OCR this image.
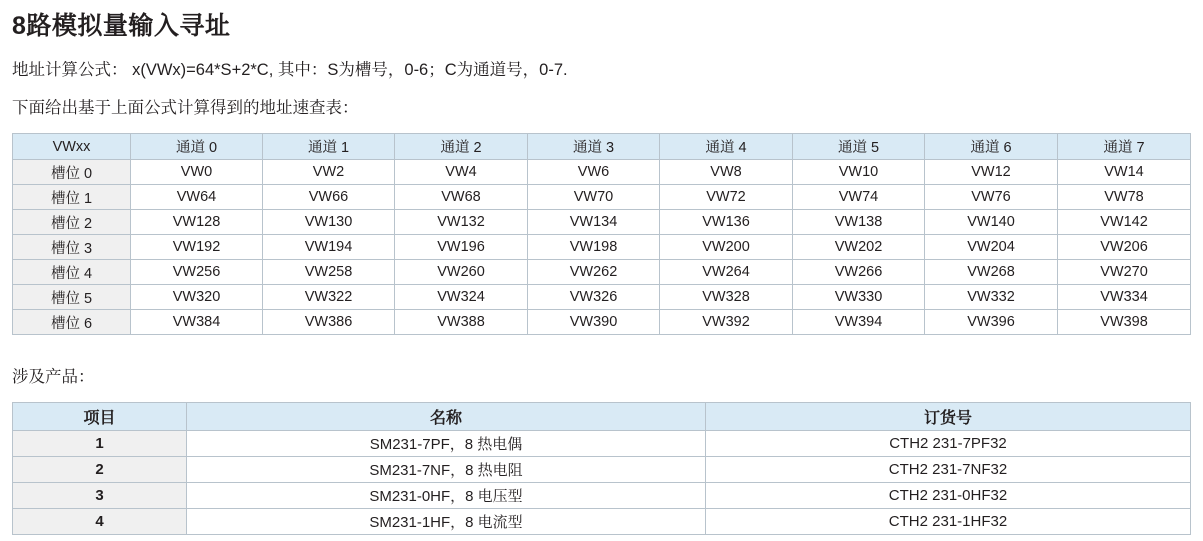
8路模拟量输入寻址
地址计算公式： x(VWx)=64*S+2*C, 其中：S为槽号，0-6；C为通道号，0-7.
下面给出基于上面公式计算得到的地址速查表：
VWxx	通道 0	通道 1	通道 2	通道 3	通道 4	通道 5	通道 6	通道 7
槽位 0	VW0	VW2	VW4	VW6	VW8	VW10	VW12	VW14
槽位 1	VW64	VW66	VW68	VW70	VW72	VW74	VW76	VW78
槽位 2	VW128	VW130	VW132	VW134	VW136	VW138	VW140	VW142
槽位 3	VW192	VW194	VW196	VW198	VW200	VW202	VW204	VW206
槽位 4	VW256	VW258	VW260	VW262	VW264	VW266	VW268	VW270
槽位 5	VW320	VW322	VW324	VW326	VW328	VW330	VW332	VW334
槽位 6	VW384	VW386	VW388	VW390	VW392	VW394	VW396	VW398
涉及产品：
项目	名称	订货号
1	SM231-7PF，8 热电偶	CTH2 231-7PF32
2	SM231-7NF，8 热电阻	CTH2 231-7NF32
3	SM231-0HF，8 电压型	CTH2 231-0HF32
4	SM231-1HF，8 电流型	CTH2 231-1HF32
